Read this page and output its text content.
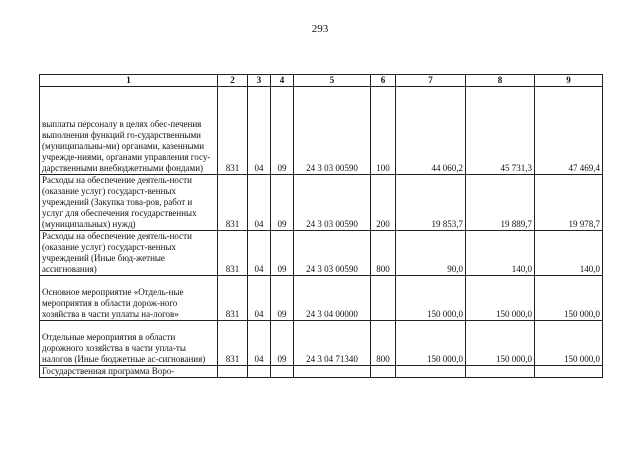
293
1	2	3	4	5	6	7	8	9
выплаты персоналу в целях обес-печения выполнения функций го-сударственными (муниципальны-ми) органами, казенными учрежде-ниями, органами управления госу-дарственными внебюджетными фондами)	831	04	09	24 3 03 00590	100	44 060,2	45 731,3	47 469,4
Расходы на обеспечение деятель-ности (оказание услуг) государст-венных учреждений (Закупка това-ров, работ и услуг для обеспечения государственных (муниципальных) нужд)	831	04	09	24 3 03 00590	200	19 853,7	19 889,7	19 978,7
Расходы на обеспечение деятель-ности (оказание услуг) государст-венных учреждений (Иные бюд-жетные ассигнования)	831	04	09	24 3 03 00590	800	90,0	140,0	140,0
Основное мероприятие «Отдель-ные мероприятия в области дорож-ного хозяйства в части уплаты на-логов»	831	04	09	24 3 04 00000		150 000,0	150 000,0	150 000,0
Отдельные мероприятия в области дорожного хозяйства в части упла-ты налогов (Иные бюджетные ас-сигнования)	831	04	09	24 3 04 71340	800	150 000,0	150 000,0	150 000,0
Государственная программа Воро-								
